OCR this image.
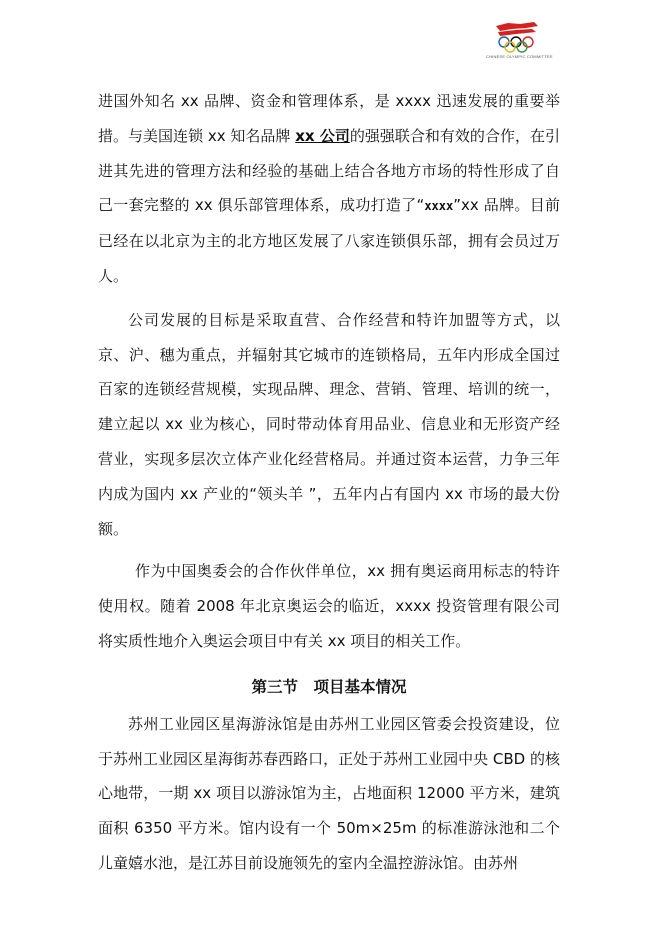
CHINESE OLYMPIC COMMITTEE

进国外知名 xx 品牌、资金和管理体系，是 xxxx 迅速发展的重要举措。与美国连锁 xx 知名品牌 xx 公司的强强联合和有效的合作，在引进其先进的管理方法和经验的基础上结合各地方市场的特性形成了自己一套完整的 xx 俱乐部管理体系，成功打造了“xxxx”xx 品牌。目前已经在以北京为主的北方地区发展了八家连锁俱乐部，拥有会员过万人。

公司发展的目标是采取直营、合作经营和特许加盟等方式，以京、沪、穗为重点，并辐射其它城市的连锁格局，五年内形成全国过百家的连锁经营规模，实现品牌、理念、营销、管理、培训的统一，建立起以 xx 业为核心，同时带动体育用品业、信息业和无形资产经营业，实现多层次立体产业化经营格局。并通过资本运营，力争三年内成为国内 xx 产业的“领头羊 ”，五年内占有国内 xx 市场的最大份额。

作为中国奥委会的合作伙伴单位，xx 拥有奥运商用标志的特许使用权。随着 2008 年北京奥运会的临近，xxxx 投资管理有限公司将实质性地介入奥运会项目中有关 xx 项目的相关工作。

第三节　项目基本情况

苏州工业园区星海游泳馆是由苏州工业园区管委会投资建设，位于苏州工业园区星海街苏春西路口，正处于苏州工业园中央 CBD 的核心地带，一期 xx 项目以游泳馆为主，占地面积 12000 平方米，建筑面积 6350 平方米。馆内设有一个 50m×25m 的标准游泳池和二个儿童嬉水池，是江苏目前设施领先的室内全温控游泳馆。由苏州
